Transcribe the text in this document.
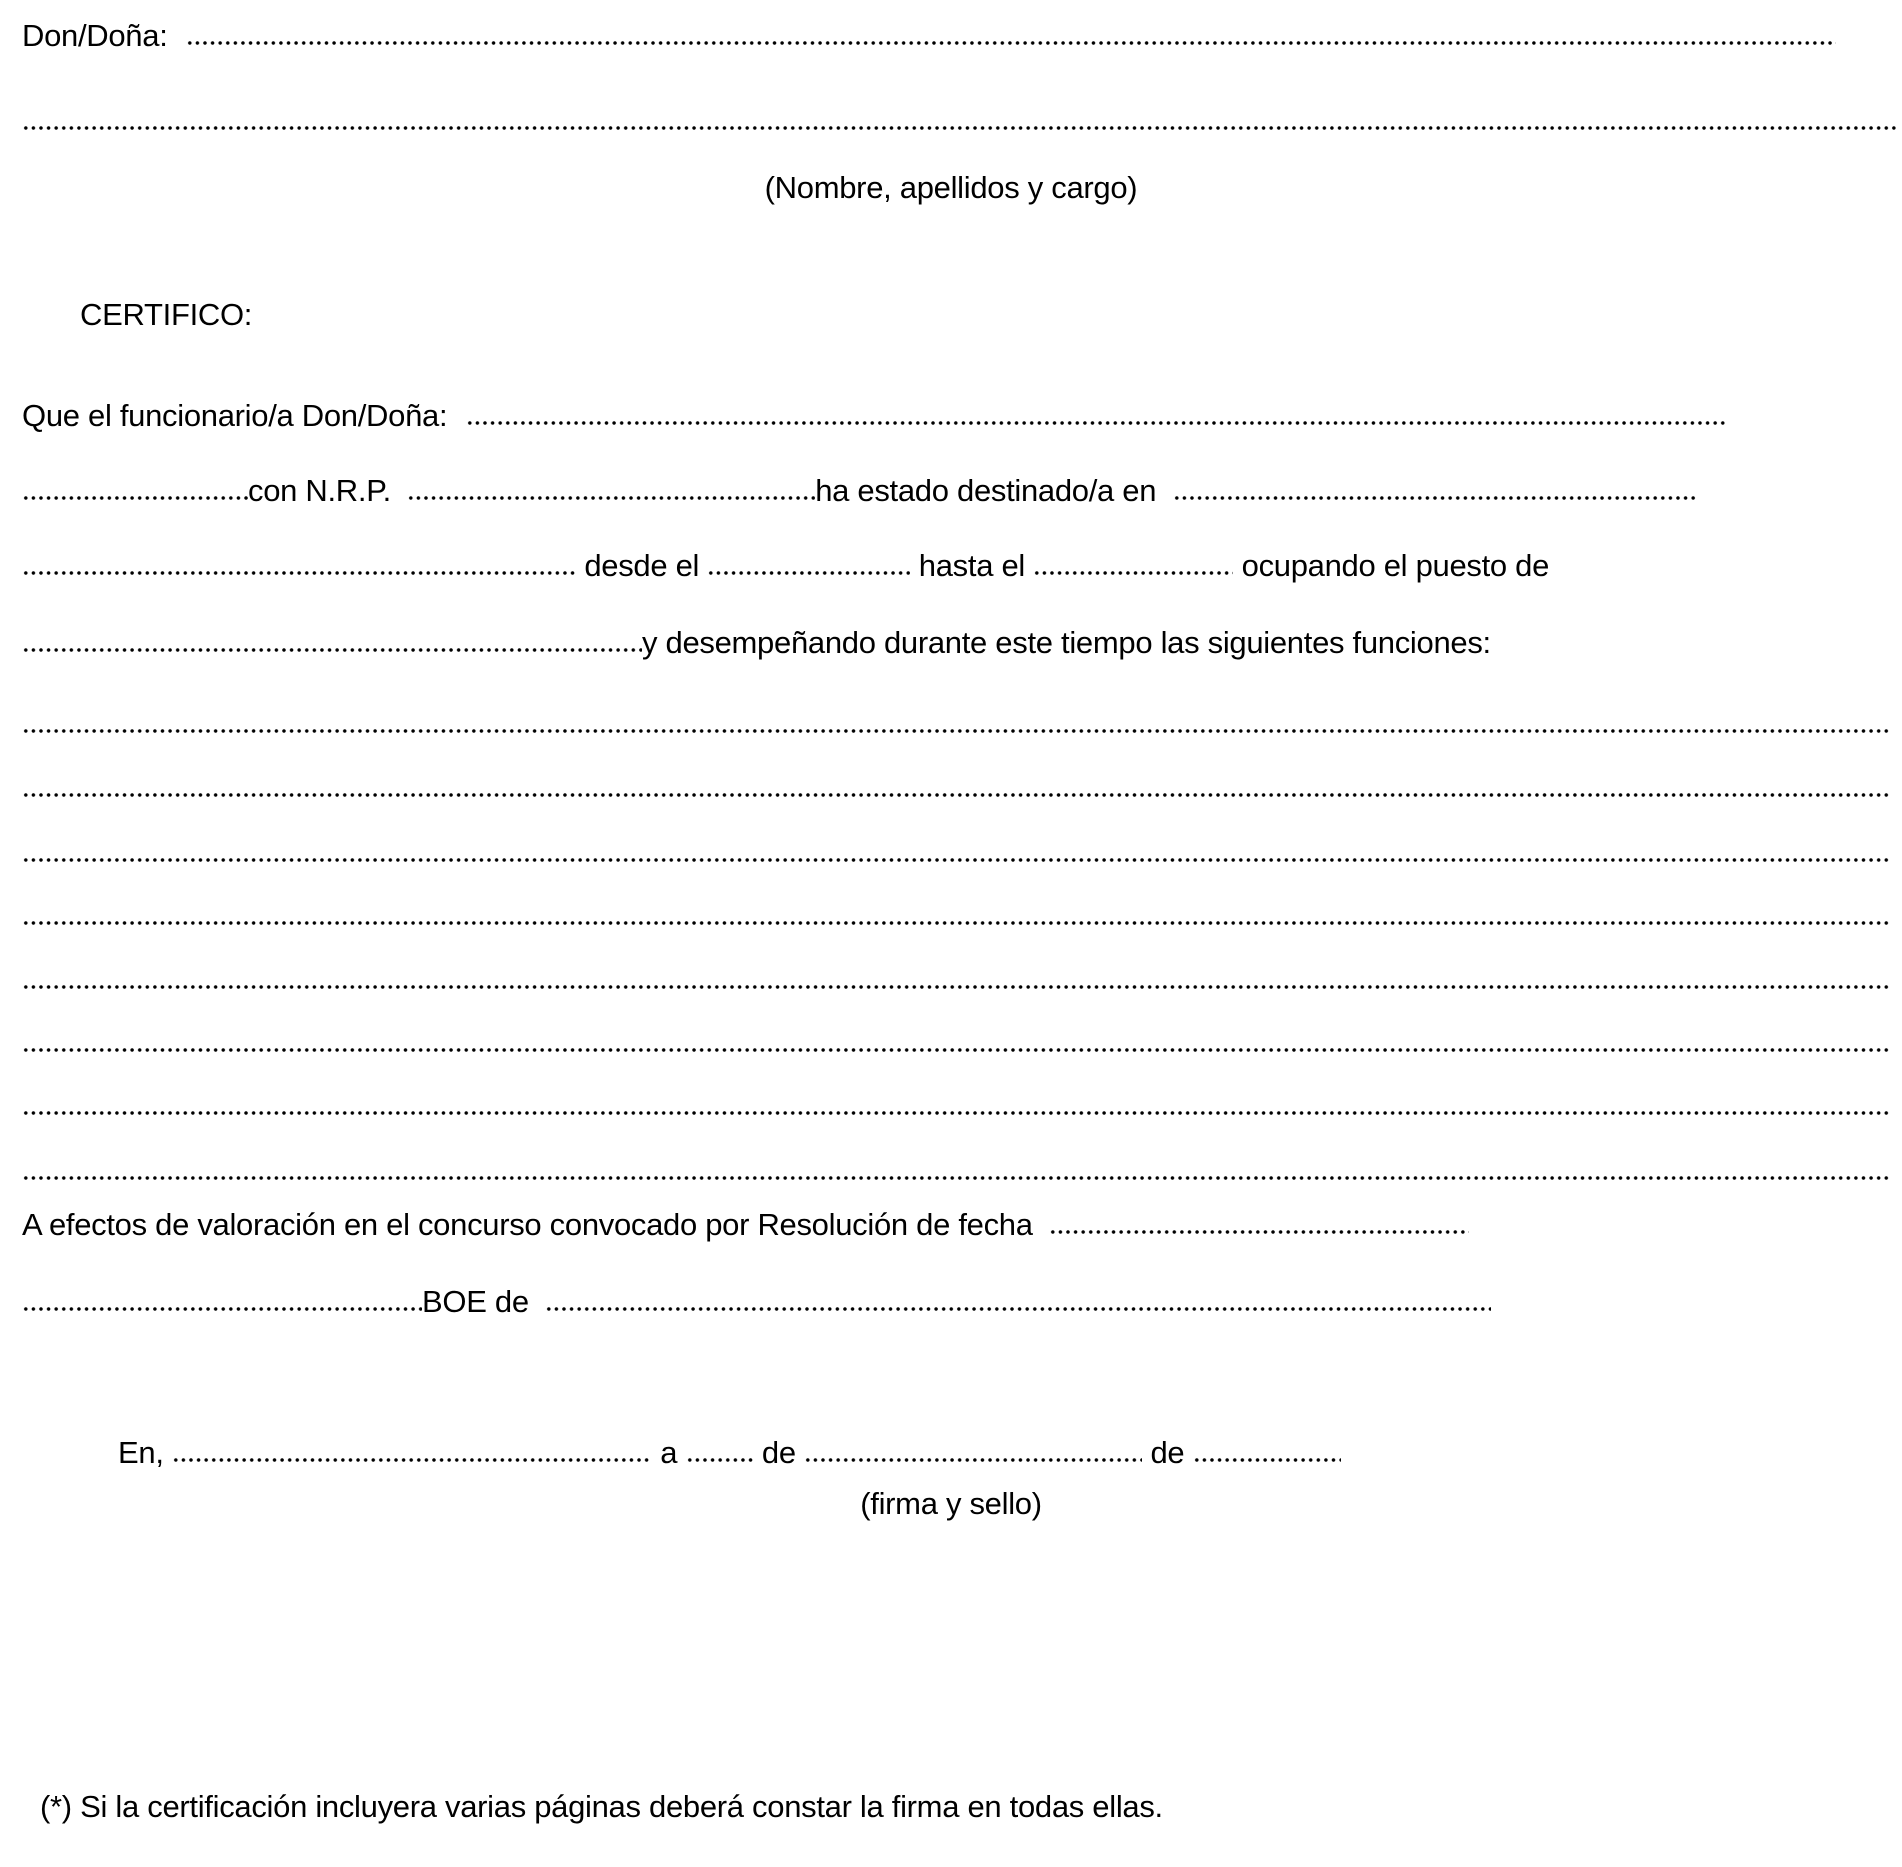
Don/Doña:
(Nombre, apellidos y cargo)
CERTIFICO:
Que el funcionario/a Don/Doña:
con N.R.P.	ha estado destinado/a en
desde el	hasta el	ocupando el puesto de
y desempeñando durante este tiempo las siguientes funciones:
A efectos de valoración en el concurso convocado por Resolución de fecha
BOE de
En,	a	de	de
(firma y sello)
(*) Si la certificación incluyera varias páginas deberá constar la firma en todas ellas.
